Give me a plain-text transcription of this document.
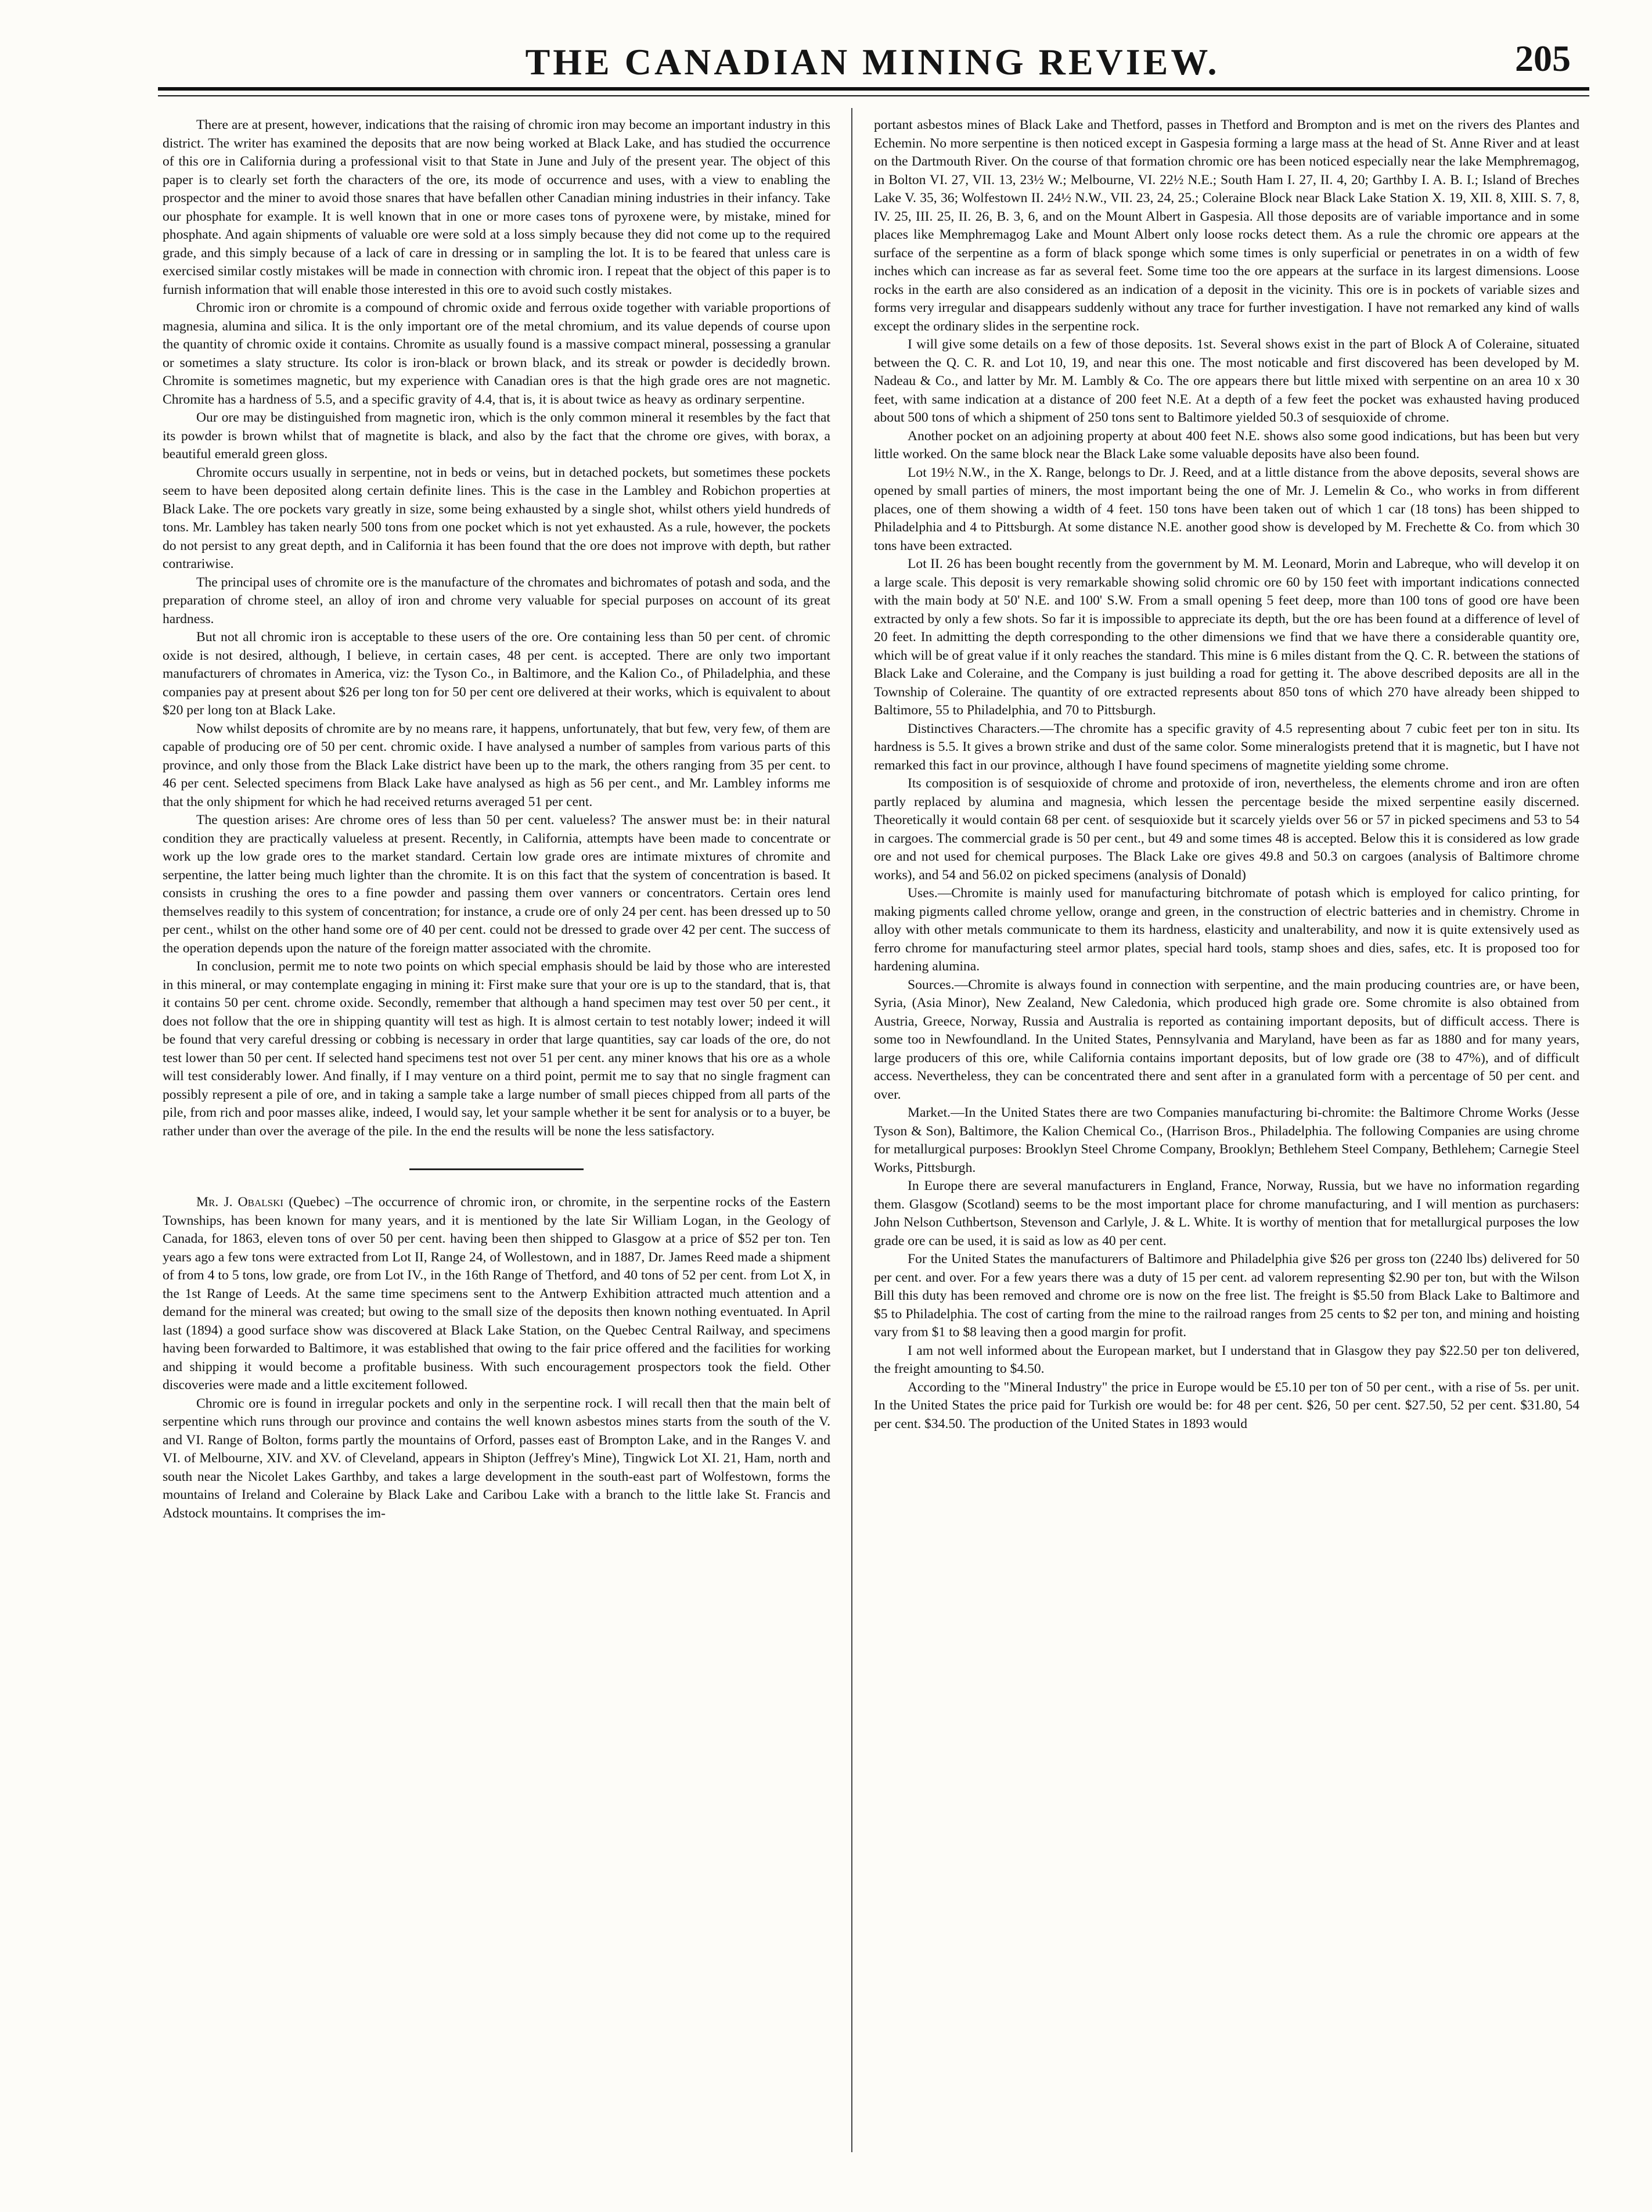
THE CANADIAN MINING REVIEW.	205

There are at present, however, indications that the raising of chromic iron may become an important industry in this district. The writer has examined the deposits that are now being worked at Black Lake, and has studied the occurrence of this ore in California during a professional visit to that State in June and July of the present year. The object of this paper is to clearly set forth the characters of the ore, its mode of occurrence and uses, with a view to enabling the prospector and the miner to avoid those snares that have befallen other Canadian mining industries in their infancy. Take our phosphate for example. It is well known that in one or more cases tons of pyroxene were, by mistake, mined for phosphate. And again shipments of valuable ore were sold at a loss simply because they did not come up to the required grade, and this simply because of a lack of care in dressing or in sampling the lot. It is to be feared that unless care is exercised similar costly mistakes will be made in connection with chromic iron. I repeat that the object of this paper is to furnish information that will enable those interested in this ore to avoid such costly mistakes.

Chromic iron or chromite is a compound of chromic oxide and ferrous oxide together with variable proportions of magnesia, alumina and silica. It is the only important ore of the metal chromium, and its value depends of course upon the quantity of chromic oxide it contains. Chromite as usually found is a massive compact mineral, possessing a granular or sometimes a slaty structure. Its color is iron-black or brown black, and its streak or powder is decidedly brown. Chromite is sometimes magnetic, but my experience with Canadian ores is that the high grade ores are not magnetic. Chromite has a hardness of 5.5, and a specific gravity of 4.4, that is, it is about twice as heavy as ordinary serpentine.

Our ore may be distinguished from magnetic iron, which is the only common mineral it resembles by the fact that its powder is brown whilst that of magnetite is black, and also by the fact that the chrome ore gives, with borax, a beautiful emerald green gloss.

Chromite occurs usually in serpentine, not in beds or veins, but in detached pockets, but sometimes these pockets seem to have been deposited along certain definite lines. This is the case in the Lambley and Robichon properties at Black Lake. The ore pockets vary greatly in size, some being exhausted by a single shot, whilst others yield hundreds of tons. Mr. Lambley has taken nearly 500 tons from one pocket which is not yet exhausted. As a rule, however, the pockets do not persist to any great depth, and in California it has been found that the ore does not improve with depth, but rather contrariwise.

The principal uses of chromite ore is the manufacture of the chromates and bichromates of potash and soda, and the preparation of chrome steel, an alloy of iron and chrome very valuable for special purposes on account of its great hardness.

But not all chromic iron is acceptable to these users of the ore. Ore containing less than 50 per cent. of chromic oxide is not desired, although, I believe, in certain cases, 48 per cent. is accepted. There are only two important manufacturers of chromates in America, viz: the Tyson Co., in Baltimore, and the Kalion Co., of Philadelphia, and these companies pay at present about $26 per long ton for 50 per cent ore delivered at their works, which is equivalent to about $20 per long ton at Black Lake.

Now whilst deposits of chromite are by no means rare, it happens, unfortunately, that but few, very few, of them are capable of producing ore of 50 per cent. chromic oxide. I have analysed a number of samples from various parts of this province, and only those from the Black Lake district have been up to the mark, the others ranging from 35 per cent. to 46 per cent. Selected specimens from Black Lake have analysed as high as 56 per cent., and Mr. Lambley informs me that the only shipment for which he had received returns averaged 51 per cent.

The question arises: Are chrome ores of less than 50 per cent. valueless? The answer must be: in their natural condition they are practically valueless at present. Recently, in California, attempts have been made to concentrate or work up the low grade ores to the market standard. Certain low grade ores are intimate mixtures of chromite and serpentine, the latter being much lighter than the chromite. It is on this fact that the system of concentration is based. It consists in crushing the ores to a fine powder and passing them over vanners or concentrators. Certain ores lend themselves readily to this system of concentration; for instance, a crude ore of only 24 per cent. has been dressed up to 50 per cent., whilst on the other hand some ore of 40 per cent. could not be dressed to grade over 42 per cent. The success of the operation depends upon the nature of the foreign matter associated with the chromite.

In conclusion, permit me to note two points on which special emphasis should be laid by those who are interested in this mineral, or may contemplate engaging in mining it: First make sure that your ore is up to the standard, that is, that it contains 50 per cent. chrome oxide. Secondly, remember that although a hand specimen may test over 50 per cent., it does not follow that the ore in shipping quantity will test as high. It is almost certain to test notably lower; indeed it will be found that very careful dressing or cobbing is necessary in order that large quantities, say car loads of the ore, do not test lower than 50 per cent. If selected hand specimens test not over 51 per cent. any miner knows that his ore as a whole will test considerably lower. And finally, if I may venture on a third point, permit me to say that no single fragment can possibly represent a pile of ore, and in taking a sample take a large number of small pieces chipped from all parts of the pile, from rich and poor masses alike, indeed, I would say, let your sample whether it be sent for analysis or to a buyer, be rather under than over the average of the pile. In the end the results will be none the less satisfactory.

Mr. J. Obalski (Quebec) –The occurrence of chromic iron, or chromite, in the serpentine rocks of the Eastern Townships, has been known for many years, and it is mentioned by the late Sir William Logan, in the Geology of Canada, for 1863, eleven tons of over 50 per cent. having been then shipped to Glasgow at a price of $52 per ton. Ten years ago a few tons were extracted from Lot II, Range 24, of Wollestown, and in 1887, Dr. James Reed made a shipment of from 4 to 5 tons, low grade, ore from Lot IV., in the 16th Range of Thetford, and 40 tons of 52 per cent. from Lot X, in the 1st Range of Leeds. At the same time specimens sent to the Antwerp Exhibition attracted much attention and a demand for the mineral was created; but owing to the small size of the deposits then known nothing eventuated. In April last (1894) a good surface show was discovered at Black Lake Station, on the Quebec Central Railway, and specimens having been forwarded to Baltimore, it was established that owing to the fair price offered and the facilities for working and shipping it would become a profitable business. With such encouragement prospectors took the field. Other discoveries were made and a little excitement followed.

Chromic ore is found in irregular pockets and only in the serpentine rock. I will recall then that the main belt of serpentine which runs through our province and contains the well known asbestos mines starts from the south of the V. and VI. Range of Bolton, forms partly the mountains of Orford, passes east of Brompton Lake, and in the Ranges V. and VI. of Melbourne, XIV. and XV. of Cleveland, appears in Shipton (Jeffrey's Mine), Tingwick Lot XI. 21, Ham, north and south near the Nicolet Lakes Garthby, and takes a large development in the south-east part of Wolfestown, forms the mountains of Ireland and Coleraine by Black Lake and Caribou Lake with a branch to the little lake St. Francis and Adstock mountains. It comprises the im-

portant asbestos mines of Black Lake and Thetford, passes in Thetford and Brompton and is met on the rivers des Plantes and Echemin. No more serpentine is then noticed except in Gaspesia forming a large mass at the head of St. Anne River and at least on the Dartmouth River. On the course of that formation chromic ore has been noticed especially near the lake Memphremagog, in Bolton VI. 27, VII. 13, 23½ W.; Melbourne, VI. 22½ N.E.; South Ham I. 27, II. 4, 20; Garthby I. A. B. I.; Island of Breches Lake V. 35, 36; Wolfestown II. 24½ N.W., VII. 23, 24, 25.; Coleraine Block near Black Lake Station X. 19, XII. 8, XIII. S. 7, 8, IV. 25, III. 25, II. 26, B. 3, 6, and on the Mount Albert in Gaspesia. All those deposits are of variable importance and in some places like Memphremagog Lake and Mount Albert only loose rocks detect them. As a rule the chromic ore appears at the surface of the serpentine as a form of black sponge which some times is only superficial or penetrates in on a width of few inches which can increase as far as several feet. Some time too the ore appears at the surface in its largest dimensions. Loose rocks in the earth are also considered as an indication of a deposit in the vicinity. This ore is in pockets of variable sizes and forms very irregular and disappears suddenly without any trace for further investigation. I have not remarked any kind of walls except the ordinary slides in the serpentine rock.

I will give some details on a few of those deposits. 1st. Several shows exist in the part of Block A of Coleraine, situated between the Q. C. R. and Lot 10, 19, and near this one. The most noticable and first discovered has been developed by M. Nadeau & Co., and latter by Mr. M. Lambly & Co. The ore appears there but little mixed with serpentine on an area 10 x 30 feet, with same indication at a distance of 200 feet N.E. At a depth of a few feet the pocket was exhausted having produced about 500 tons of which a shipment of 250 tons sent to Baltimore yielded 50.3 of sesquioxide of chrome.

Another pocket on an adjoining property at about 400 feet N.E. shows also some good indications, but has been but very little worked. On the same block near the Black Lake some valuable deposits have also been found.

Lot 19½ N.W., in the X. Range, belongs to Dr. J. Reed, and at a little distance from the above deposits, several shows are opened by small parties of miners, the most important being the one of Mr. J. Lemelin & Co., who works in from different places, one of them showing a width of 4 feet. 150 tons have been taken out of which 1 car (18 tons) has been shipped to Philadelphia and 4 to Pittsburgh. At some distance N.E. another good show is developed by M. Frechette & Co. from which 30 tons have been extracted.

Lot II. 26 has been bought recently from the government by M. M. Leonard, Morin and Labreque, who will develop it on a large scale. This deposit is very remarkable showing solid chromic ore 60 by 150 feet with important indications connected with the main body at 50' N.E. and 100' S.W. From a small opening 5 feet deep, more than 100 tons of good ore have been extracted by only a few shots. So far it is impossible to appreciate its depth, but the ore has been found at a difference of level of 20 feet. In admitting the depth corresponding to the other dimensions we find that we have there a considerable quantity ore, which will be of great value if it only reaches the standard. This mine is 6 miles distant from the Q. C. R. between the stations of Black Lake and Coleraine, and the Company is just building a road for getting it. The above described deposits are all in the Township of Coleraine. The quantity of ore extracted represents about 850 tons of which 270 have already been shipped to Baltimore, 55 to Philadelphia, and 70 to Pittsburgh.

Distinctives Characters.—The chromite has a specific gravity of 4.5 representing about 7 cubic feet per ton in situ. Its hardness is 5.5. It gives a brown strike and dust of the same color. Some mineralogists pretend that it is magnetic, but I have not remarked this fact in our province, although I have found specimens of magnetite yielding some chrome.

Its composition is of sesquioxide of chrome and protoxide of iron, nevertheless, the elements chrome and iron are often partly replaced by alumina and magnesia, which lessen the percentage beside the mixed serpentine easily discerned. Theoretically it would contain 68 per cent. of sesquioxide but it scarcely yields over 56 or 57 in picked specimens and 53 to 54 in cargoes. The commercial grade is 50 per cent., but 49 and some times 48 is accepted. Below this it is considered as low grade ore and not used for chemical purposes. The Black Lake ore gives 49.8 and 50.3 on cargoes (analysis of Baltimore chrome works), and 54 and 56.02 on picked specimens (analysis of Donald)

Uses.—Chromite is mainly used for manufacturing bitchromate of potash which is employed for calico printing, for making pigments called chrome yellow, orange and green, in the construction of electric batteries and in chemistry. Chrome in alloy with other metals communicate to them its hardness, elasticity and unalterability, and now it is quite extensively used as ferro chrome for manufacturing steel armor plates, special hard tools, stamp shoes and dies, safes, etc. It is proposed too for hardening alumina.

Sources.—Chromite is always found in connection with serpentine, and the main producing countries are, or have been, Syria, (Asia Minor), New Zealand, New Caledonia, which produced high grade ore. Some chromite is also obtained from Austria, Greece, Norway, Russia and Australia is reported as containing important deposits, but of difficult access. There is some too in Newfoundland. In the United States, Pennsylvania and Maryland, have been as far as 1880 and for many years, large producers of this ore, while California contains important deposits, but of low grade ore (38 to 47%), and of difficult access. Nevertheless, they can be concentrated there and sent after in a granulated form with a percentage of 50 per cent. and over.

Market.—In the United States there are two Companies manufacturing bi-chromite: the Baltimore Chrome Works (Jesse Tyson & Son), Baltimore, the Kalion Chemical Co., (Harrison Bros., Philadelphia. The following Companies are using chrome for metallurgical purposes: Brooklyn Steel Chrome Company, Brooklyn; Bethlehem Steel Company, Bethlehem; Carnegie Steel Works, Pittsburgh.

In Europe there are several manufacturers in England, France, Norway, Russia, but we have no information regarding them. Glasgow (Scotland) seems to be the most important place for chrome manufacturing, and I will mention as purchasers: John Nelson Cuthbertson, Stevenson and Carlyle, J. & L. White. It is worthy of mention that for metallurgical purposes the low grade ore can be used, it is said as low as 40 per cent.

For the United States the manufacturers of Baltimore and Philadelphia give $26 per gross ton (2240 lbs) delivered for 50 per cent. and over. For a few years there was a duty of 15 per cent. ad valorem representing $2.90 per ton, but with the Wilson Bill this duty has been removed and chrome ore is now on the free list. The freight is $5.50 from Black Lake to Baltimore and $5 to Philadelphia. The cost of carting from the mine to the railroad ranges from 25 cents to $2 per ton, and mining and hoisting vary from $1 to $8 leaving then a good margin for profit.

I am not well informed about the European market, but I understand that in Glasgow they pay $22.50 per ton delivered, the freight amounting to $4.50.

According to the "Mineral Industry" the price in Europe would be £5.10 per ton of 50 per cent., with a rise of 5s. per unit. In the United States the price paid for Turkish ore would be: for 48 per cent. $26, 50 per cent. $27.50, 52 per cent. $31.80, 54 per cent. $34.50. The production of the United States in 1893 would
